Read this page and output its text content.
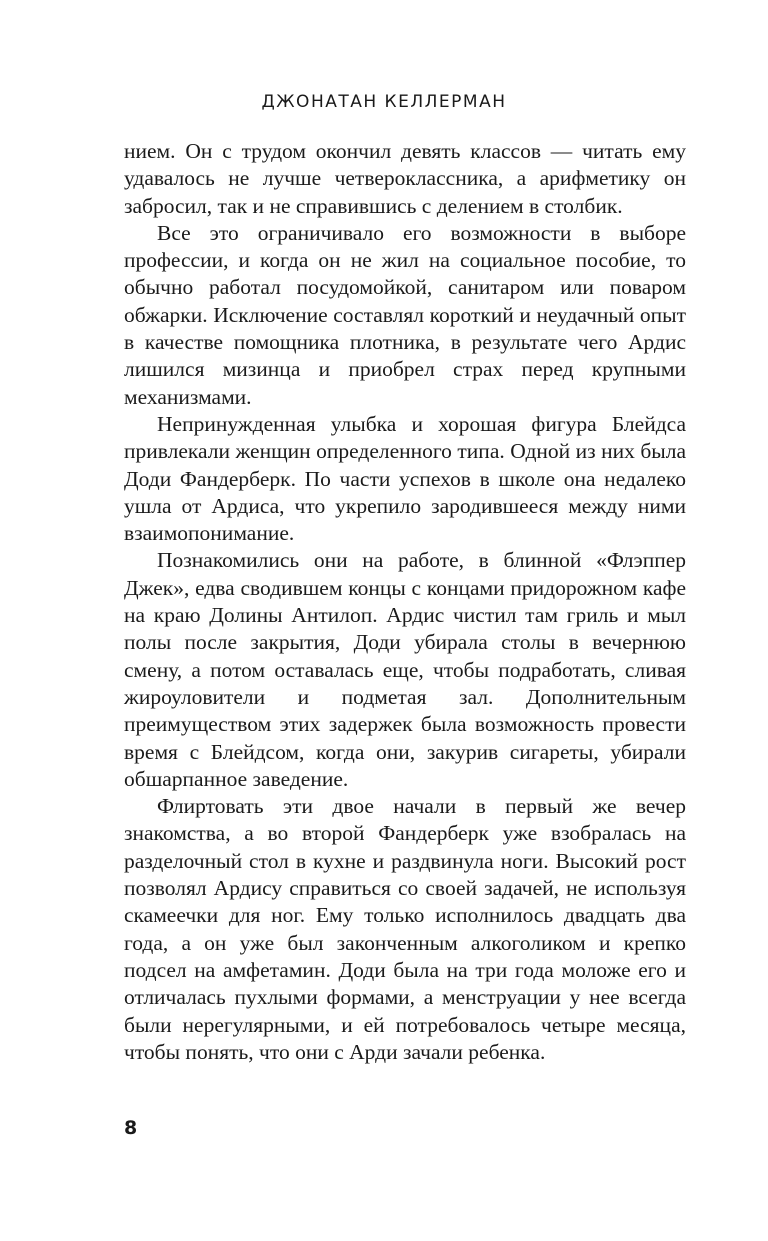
ДЖОНАТАН КЕЛЛЕРМАН

нием. Он с трудом окончил девять классов — читать ему удавалось не лучше четвероклассника, а арифметику он забросил, так и не справившись с делением в столбик.

Все это ограничивало его возможности в выборе профессии, и когда он не жил на социальное пособие, то обычно работал посудомойкой, санитаром или поваром обжарки. Исключение составлял короткий и неудачный опыт в качестве помощника плотника, в результате чего Ардис лишился мизинца и приобрел страх перед крупными механизмами.

Непринужденная улыбка и хорошая фигура Блейдса привлекали женщин определенного типа. Одной из них была Доди Фандерберк. По части успехов в школе она недалеко ушла от Ардиса, что укрепило зародившееся между ними взаимопонимание.

Познакомились они на работе, в блинной «Флэппер Джек», едва сводившем концы с концами придорожном кафе на краю Долины Антилоп. Ардис чистил там гриль и мыл полы после закрытия, Доди убирала столы в вечернюю смену, а потом оставалась еще, чтобы подработать, сливая жироуловители и подметая зал. Дополнительным преимуществом этих задержек была возможность провести время с Блейдсом, когда они, закурив сигареты, убирали обшарпанное заведение.

Флиртовать эти двое начали в первый же вечер знакомства, а во второй Фандерберк уже взобралась на разделочный стол в кухне и раздвинула ноги. Высокий рост позволял Ардису справиться со своей задачей, не используя скамеечки для ног. Ему только исполнилось двадцать два года, а он уже был законченным алкоголиком и крепко подсел на амфетамин. Доди была на три года моложе его и отличалась пухлыми формами, а менструации у нее всегда были нерегулярными, и ей потребовалось четыре месяца, чтобы понять, что они с Арди зачали ребенка.

8
